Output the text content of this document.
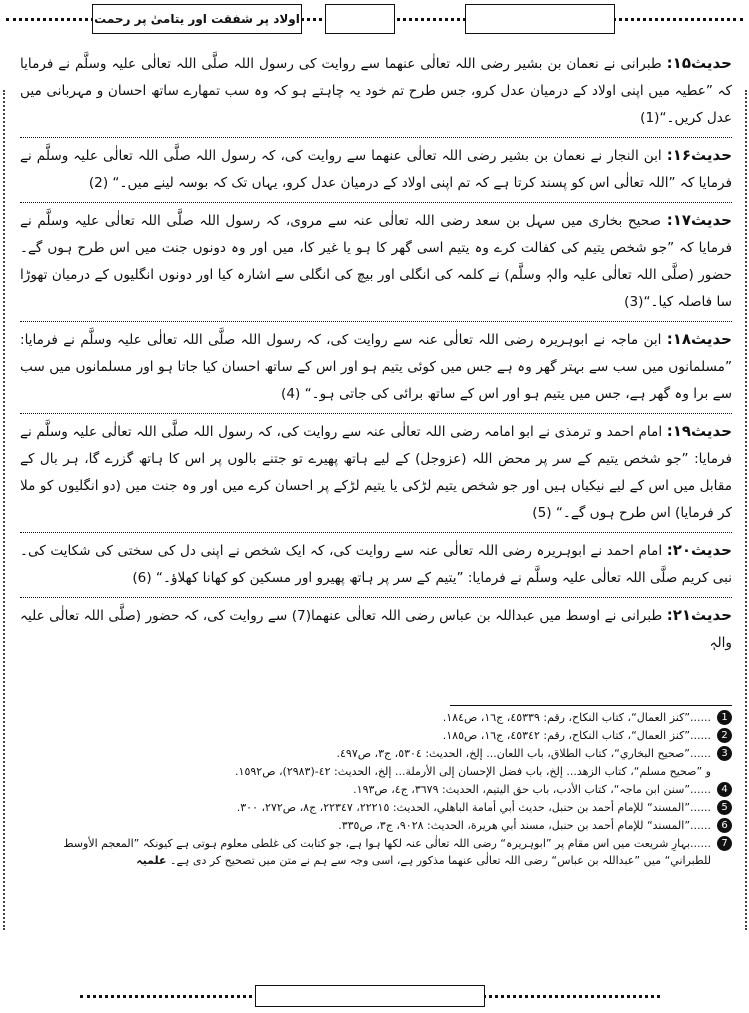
اولاد پر شفقت اور یتامیٰ پر رحمت

حدیث۱۵: طبرانی نے نعمان بن بشیر رضی اللہ تعالٰی عنھما سے روایت کی رسول اللہ صلَّی اللہ تعالٰی علیہ وسلَّم نے فرمایا کہ ”عطیہ میں اپنی اولاد کے درمیان عدل کرو، جس طرح تم خود یہ چاہتے ہو کہ وہ سب تمھارے ساتھ احسان و مہربانی میں عدل کریں۔“(1)

حدیث۱۶: ابن النجار نے نعمان بن بشیر رضی اللہ تعالٰی عنھما سے روایت کی، کہ رسول اللہ صلَّی اللہ تعالٰی علیہ وسلَّم نے فرمایا کہ ”اللہ تعالٰی اس کو پسند کرتا ہے کہ تم اپنی اولاد کے درمیان عدل کرو، یہاں تک کہ بوسہ لینے میں۔“ (2)

حدیث۱۷: صحیح بخاری میں سہل بن سعد رضی اللہ تعالٰی عنہ سے مروی، کہ رسول اللہ صلَّی اللہ تعالٰی علیہ وسلَّم نے فرمایا کہ ”جو شخص یتیم کی کفالت کرے وہ یتیم اسی گھر کا ہو یا غیر کا، میں اور وہ دونوں جنت میں اس طرح ہوں گے۔ حضور (صلَّی اللہ تعالٰی علیہ والہٖ وسلَّم) نے کلمہ کی انگلی اور بیچ کی انگلی سے اشارہ کیا اور دونوں انگلیوں کے درمیان تھوڑا سا فاصلہ کیا۔“(3)

حدیث۱۸: ابن ماجہ نے ابوہریرہ رضی اللہ تعالٰی عنہ سے روایت کی، کہ رسول اللہ صلَّی اللہ تعالٰی علیہ وسلَّم نے فرمایا: ”مسلمانوں میں سب سے بہتر گھر وہ ہے جس میں کوئی یتیم ہو اور اس کے ساتھ احسان کیا جاتا ہو اور مسلمانوں میں سب سے برا وہ گھر ہے، جس میں یتیم ہو اور اس کے ساتھ برائی کی جاتی ہو۔“ (4)

حدیث۱۹: امام احمد و ترمذی نے ابو امامہ رضی اللہ تعالٰی عنہ سے روایت کی، کہ رسول اللہ صلَّی اللہ تعالٰی علیہ وسلَّم نے فرمایا: ”جو شخص یتیم کے سر پر محض اللہ (عزوجل) کے لیے ہاتھ پھیرے تو جتنے بالوں پر اس کا ہاتھ گزرے گا، ہر بال کے مقابل میں اس کے لیے نیکیاں ہیں اور جو شخص یتیم لڑکی یا یتیم لڑکے پر احسان کرے میں اور وہ جنت میں (دو انگلیوں کو ملا کر فرمایا) اس طرح ہوں گے۔“ (5)

حدیث۲۰: امام احمد نے ابوہریرہ رضی اللہ تعالٰی عنہ سے روایت کی، کہ ایک شخص نے اپنی دل کی سختی کی شکایت کی۔ نبی کریم صلَّی اللہ تعالٰی علیہ وسلَّم نے فرمایا: ”یتیم کے سر پر ہاتھ پھیرو اور مسکین کو کھانا کھلاؤ۔“ (6)

حدیث۲۱: طبرانی نے اوسط میں عبداللہ بن عباس رضی اللہ تعالٰی عنھما(7) سے روایت کی، کہ حضور (صلَّی اللہ تعالٰی علیہ والہٖ

1
......”کنز العمال“، کتاب النکاح، رقم: ٤٥٣٣٩، ج١٦، ص١٨٤.
2
......”کنز العمال“، کتاب النکاح، رقم: ٤٥٣٤٢، ج١٦، ص١٨٥.
3
......”صحیح البخاري“، کتاب الطلاق، باب اللعان... إلخ، الحدیث: ٥٣٠٤، ج٣، ص٤٩٧.
و ”صحیح مسلم“، کتاب الزھد... إلخ، باب فضل الإحسان إلی الأرملة... إلخ، الحدیث: ٤٢-(٢٩٨٣)، ص١٥٩٢.
4
......”سنن ابن ماجہ“، کتاب الأدب، باب حق الیتیم، الحدیث: ٣٦٧٩، ج٤، ص١٩٣.
5
......”المسند“ للإمام أحمد بن حنبل، حدیث أبي أمامة الباھلي، الحدیث: ٢٢٢١٥، ٢٢٣٤٧، ج٨، ص٢٧٢، ٣٠٠.
6
......”المسند“ للإمام أحمد بن حنبل، مسند أبي ھریرة، الحدیث: ٩٠٢٨، ج٣، ص٣٣٥.
7
......بہارِ شریعت میں اس مقام پر ”ابوہریرہ“ رضی اللہ تعالٰی عنہ لکھا ہوا ہے، جو کتابت کی غلطی معلوم ہوتی ہے کیونکہ ”المعجم الأوسط للطبراني“ میں ”عبداللہ بن عباس“ رضی اللہ تعالٰی عنھما مذکور ہے، اسی وجہ سے ہم نے متن میں تصحیح کر دی ہے۔ علمیہ
